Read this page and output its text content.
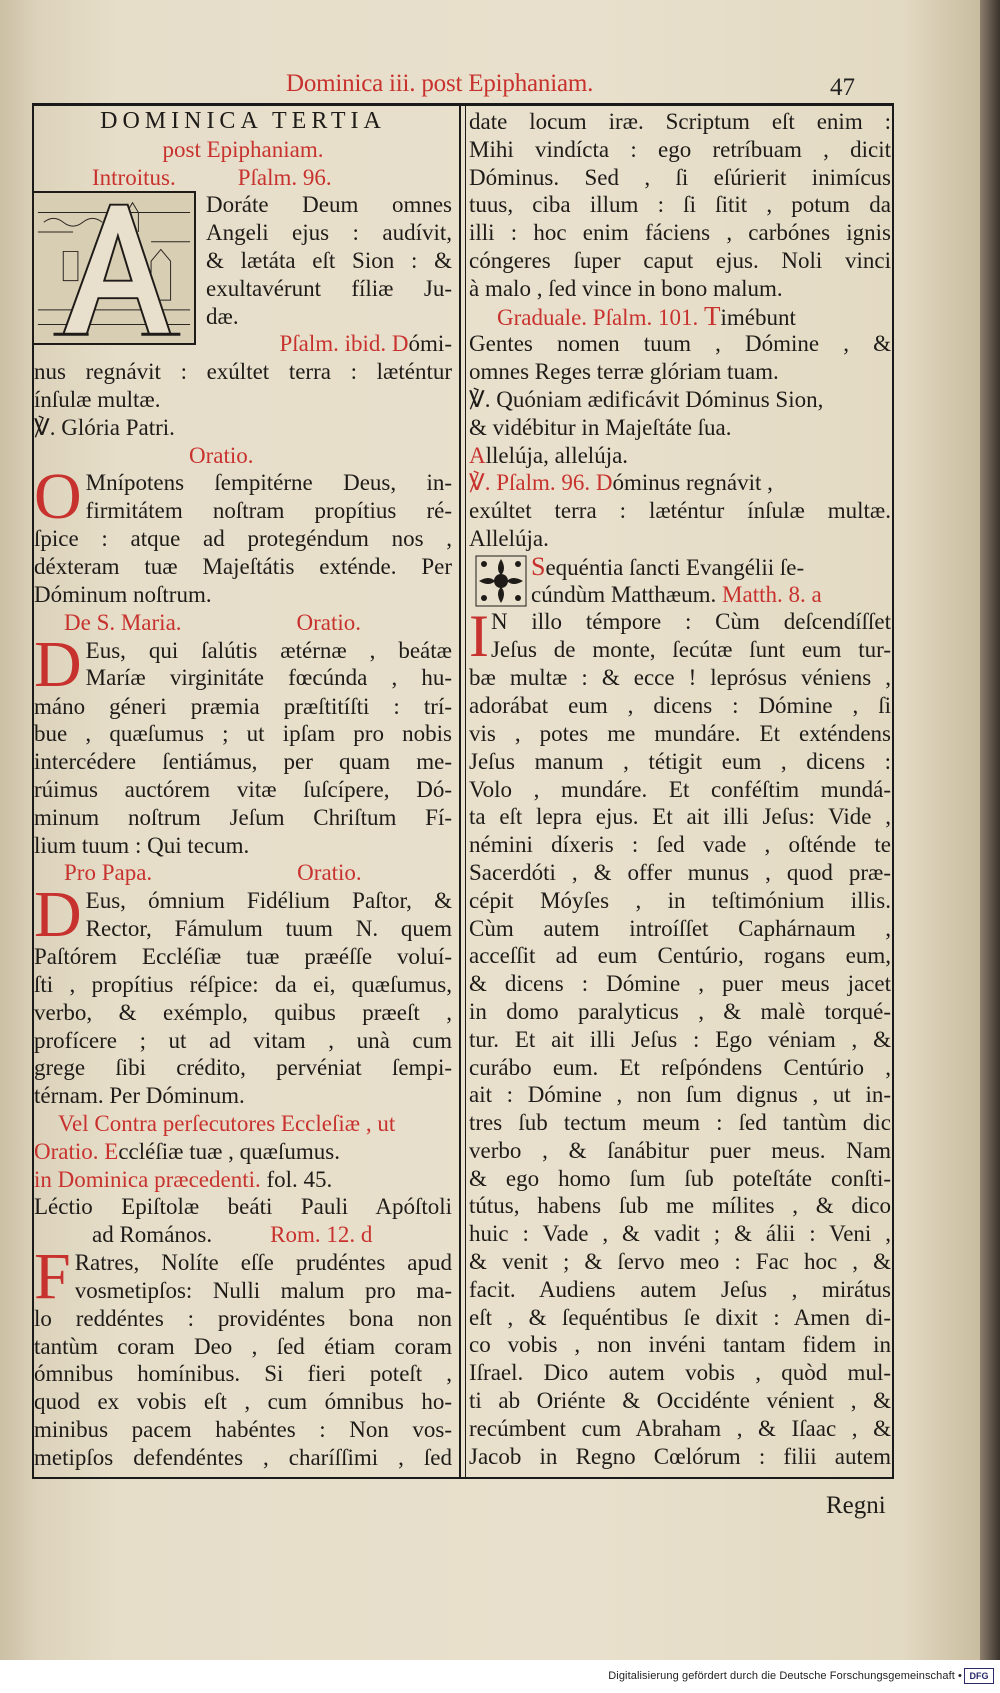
Dominica iii. post Epiphaniam.	47
DOMINICA TERTIA
post Epiphaniam.
Introitus.	Pſalm. 96.
Doráte Deum omnes
Angeli ejus : audívit,
& lætáta eſt Sion : &
exultavérunt fíliæ Ju-
dæ.
Pſalm. ibid. Dómi-
nus regnávit : exúltet terra : læténtur
ínſulæ multæ.
℣. Glória Patri.
Oratio.
O Mnípotens ſempitérne Deus, in-
firmitátem noſtram propítius ré-
ſpice : atque ad protegéndum nos ,
déxteram tuæ Majeſtátis exténde. Per
Dóminum noſtrum.
De S. Maria.	Oratio.
D Eus, qui ſalútis ætérnæ , beátæ
Maríæ virginitáte fœcúnda , hu-
máno géneri præmia præſtitíſti : trí-
bue , quæſumus ; ut ipſam pro nobis
intercédere ſentiámus, per quam me-
rúimus auctórem vitæ ſuſcípere, Dó-
minum noſtrum Jeſum Chriſtum Fí-
lium tuum : Qui tecum.
Pro Papa.	Oratio.
D Eus, ómnium Fidélium Paſtor, &
Rector, Fámulum tuum N. quem
Paſtórem Eccléſiæ tuæ præéſſe voluí-
ſti , propítius réſpice: da ei, quæſumus,
verbo, & exémplo, quibus præeſt ,
profícere ; ut ad vitam , unà cum
grege ſibi crédito, pervéniat ſempi-
térnam. Per Dóminum.
Vel Contra perſecutores Eccleſiæ , ut
Oratio. Eccléſiæ tuæ , quæſumus.
in Dominica præcedenti. fol. 45.
Léctio Epiſtolæ beáti Pauli Apóſtoli
ad Romános.	Rom. 12. d
F Ratres, Nolíte eſſe prudéntes apud
vosmetipſos: Nulli malum pro ma-
lo reddéntes : providéntes bona non
tantùm coram Deo , ſed étiam coram
ómnibus homínibus. Si fieri poteſt ,
quod ex vobis eſt , cum ómnibus ho-
minibus pacem habéntes : Non vos-
metipſos defendéntes , charíſſimi , ſed
date locum iræ. Scriptum eſt enim :
Mihi vindícta : ego retríbuam , dicit
Dóminus. Sed , ſi eſúrierit inimícus
tuus, ciba illum : ſi ſitit , potum da
illi : hoc enim fáciens , carbónes ignis
cóngeres ſuper caput ejus. Noli vinci
à malo , ſed vince in bono malum.
Graduale. Pſalm. 101. Timébunt
Gentes nomen tuum , Dómine , &
omnes Reges terræ glóriam tuam.
℣. Quóniam ædificávit Dóminus Sion,
& vidébitur in Majeſtáte ſua.
Allelúja, allelúja.
℣. Pſalm. 96. Dóminus regnávit ,
exúltet terra : læténtur ínſulæ multæ.
Allelúja.
Sequéntia ſancti Evangélii ſe-
cúndùm Matthæum. Matth. 8. a
I N illo témpore : Cùm deſcendíſſet
Jeſus de monte, ſecútæ ſunt eum tur-
bæ multæ : & ecce ! leprósus véniens ,
adorábat eum , dicens : Dómine , ſi
vis , potes me mundáre. Et exténdens
Jeſus manum , tétigit eum , dicens :
Volo , mundáre. Et conféſtim mundá-
ta eſt lepra ejus. Et ait illi Jeſus: Vide ,
némini díxeris : ſed vade , oſténde te
Sacerdóti , & offer munus , quod præ-
cépit Móyſes , in teſtimónium illis.
Cùm autem introíſſet Caphárnaum ,
acceſſit ad eum Centúrio, rogans eum,
& dicens : Dómine , puer meus jacet
in domo paralyticus , & malè torqué-
tur. Et ait illi Jeſus : Ego véniam , &
curábo eum. Et reſpóndens Centúrio ,
ait : Dómine , non ſum dignus , ut in-
tres ſub tectum meum : ſed tantùm dic
verbo , & ſanábitur puer meus. Nam
& ego homo ſum ſub poteſtáte conſti-
tútus, habens ſub me mílites , & dico
huic : Vade , & vadit ; & álii : Veni ,
& venit ; & ſervo meo : Fac hoc , &
facit. Audiens autem Jeſus , mirátus
eſt , & ſequéntibus ſe dixit : Amen di-
co vobis , non invéni tantam fidem in
Iſrael. Dico autem vobis , quòd mul-
ti ab Oriénte & Occidénte vénient , &
recúmbent cum Abraham , & Iſaac , &
Jacob in Regno Cœlórum : filii autem
Regni
Digitalisierung gefördert durch die Deutsche Forschungsgemeinschaft • DFG
